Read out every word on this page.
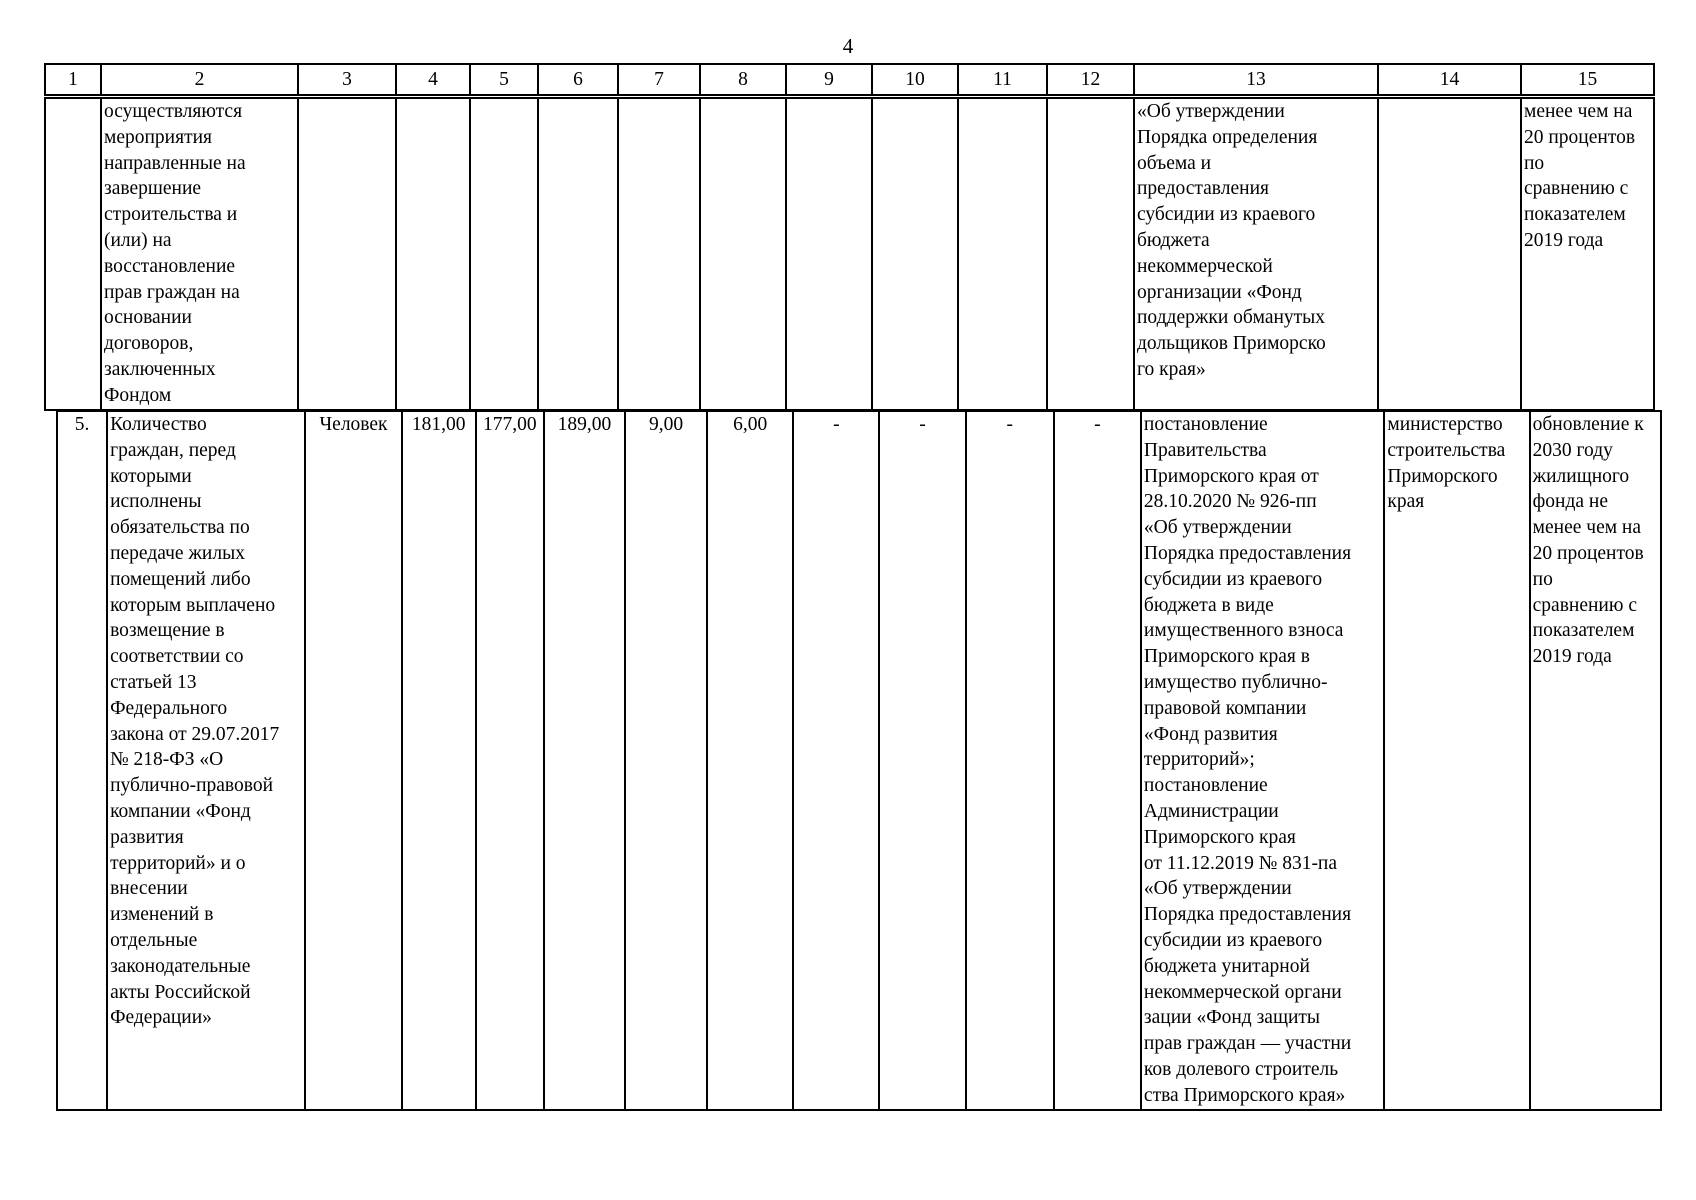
4
1	2	3	4	5	6	7	8	9	10	11	12	13	14	15
	осуществляются
мероприятия
направленные на
завершение
строительства и
(или) на
восстановление
прав граждан на
основании
договоров,
заключенных
Фондом											«Об утверждении
Порядка определения
объема и
предоставления
субсидии из краевого
бюджета
некоммерческой
организации «Фонд
поддержки обманутых
дольщиков Приморско
го края»		менее чем на
20 процентов
по
сравнению с
показателем
2019 года
5.	Количество
граждан, перед
которыми
исполнены
обязательства по
передаче жилых
помещений либо
которым выплачено
возмещение в
соответствии со
статьей 13
Федерального
закона от 29.07.2017
№ 218-ФЗ «О
публично-правовой
компании «Фонд
развития
территорий» и о
внесении
изменений в
отдельные
законодательные
акты Российской
Федерации»	Человек	181,00	177,00	189,00	9,00	6,00	-	-	-	-	постановление
Правительства
Приморского края от
28.10.2020 № 926-пп
«Об утверждении
Порядка предоставления
субсидии из краевого
бюджета в виде
имущественного взноса
Приморского края в
имущество публично-
правовой компании
«Фонд развития
территорий»;
постановление
Администрации
Приморского края
от 11.12.2019 № 831-па
«Об утверждении
Порядка предоставления
субсидии из краевого
бюджета унитарной
некоммерческой органи
зации «Фонд защиты
прав граждан — участни
ков долевого строитель
ства Приморского края»	министерство
строительства
Приморского
края	обновление к
2030 году
жилищного
фонда не
менее чем на
20 процентов
по
сравнению с
показателем
2019 года
